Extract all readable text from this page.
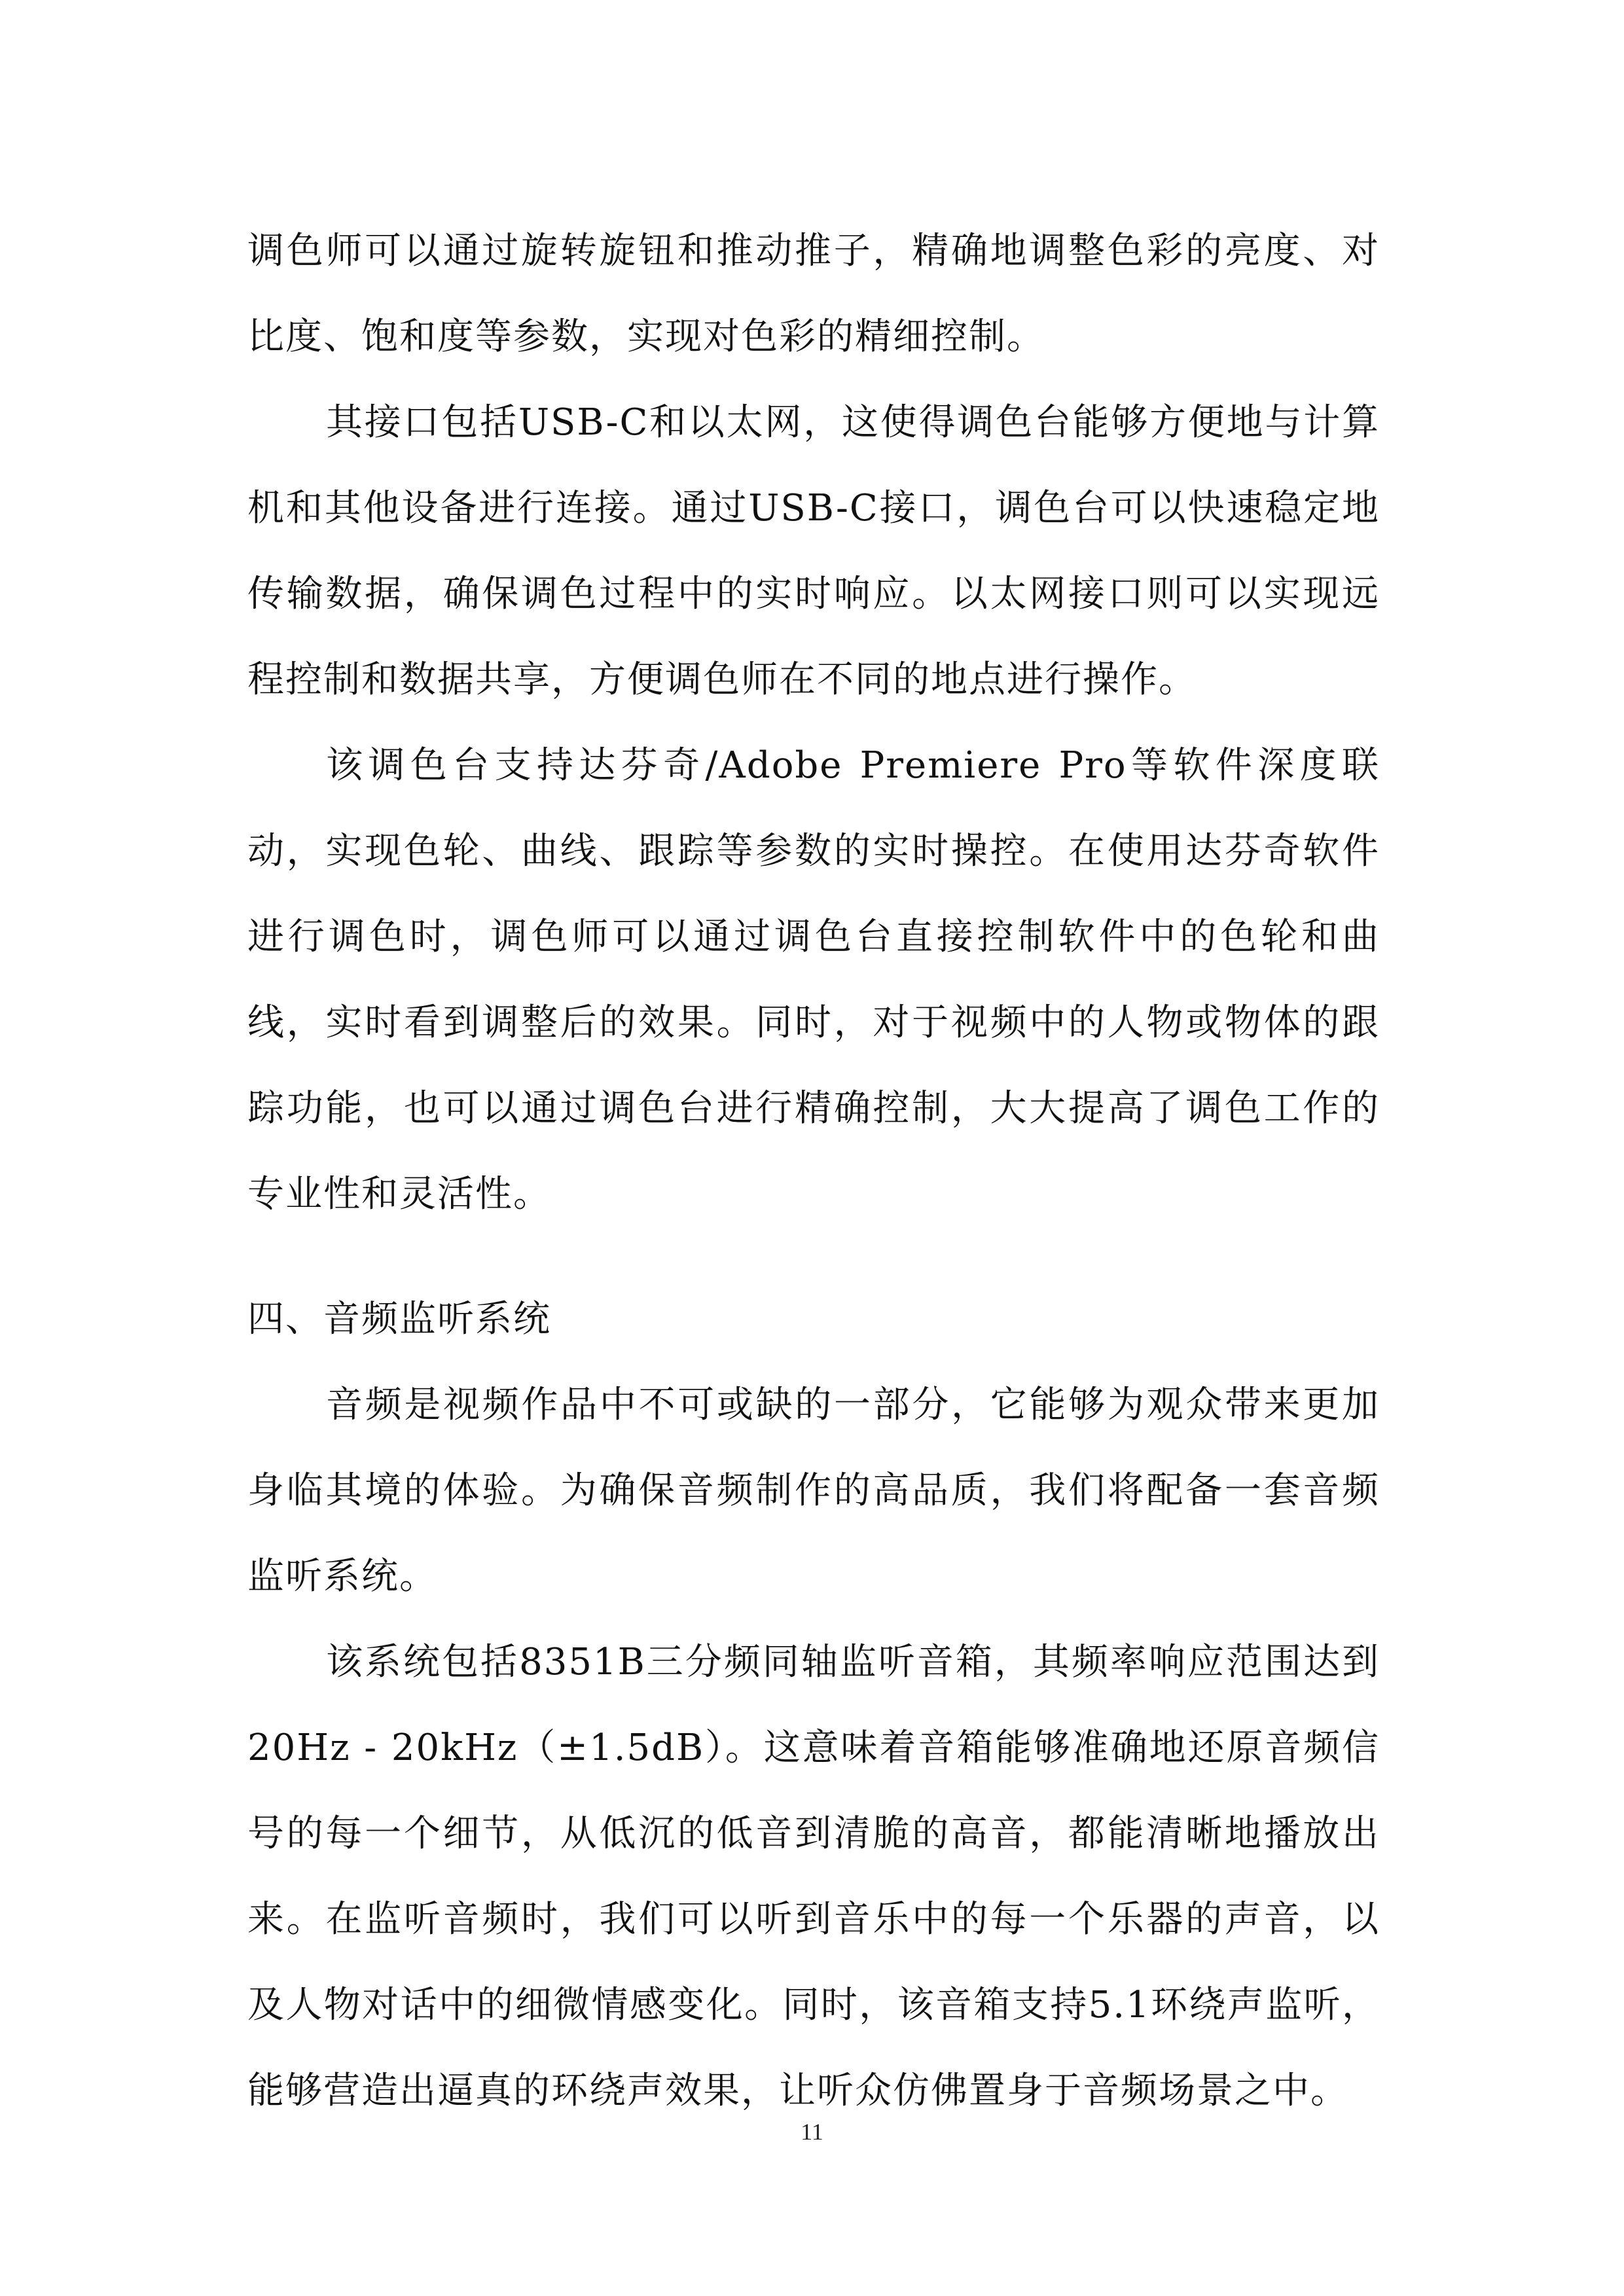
调色师可以通过旋转旋钮和推动推子，精确地调整色彩的亮度、对比度、饱和度等参数，实现对色彩的精细控制。

其接口包括USB-C和以太网，这使得调色台能够方便地与计算机和其他设备进行连接。通过USB-C接口，调色台可以快速稳定地传输数据，确保调色过程中的实时响应。以太网接口则可以实现远程控制和数据共享，方便调色师在不同的地点进行操作。

该调色台支持达芬奇/Adobe Premiere Pro等软件深度联动，实现色轮、曲线、跟踪等参数的实时操控。在使用达芬奇软件进行调色时，调色师可以通过调色台直接控制软件中的色轮和曲线，实时看到调整后的效果。同时，对于视频中的人物或物体的跟踪功能，也可以通过调色台进行精确控制，大大提高了调色工作的专业性和灵活性。

四、音频监听系统

音频是视频作品中不可或缺的一部分，它能够为观众带来更加身临其境的体验。为确保音频制作的高品质，我们将配备一套音频监听系统。

该系统包括8351B三分频同轴监听音箱，其频率响应范围达到20Hz - 20kHz（±1.5dB）。这意味着音箱能够准确地还原音频信号的每一个细节，从低沉的低音到清脆的高音，都能清晰地播放出来。在监听音频时，我们可以听到音乐中的每一个乐器的声音，以及人物对话中的细微情感变化。同时，该音箱支持5.1环绕声监听，能够营造出逼真的环绕声效果，让听众仿佛置身于音频场景之中。

11
